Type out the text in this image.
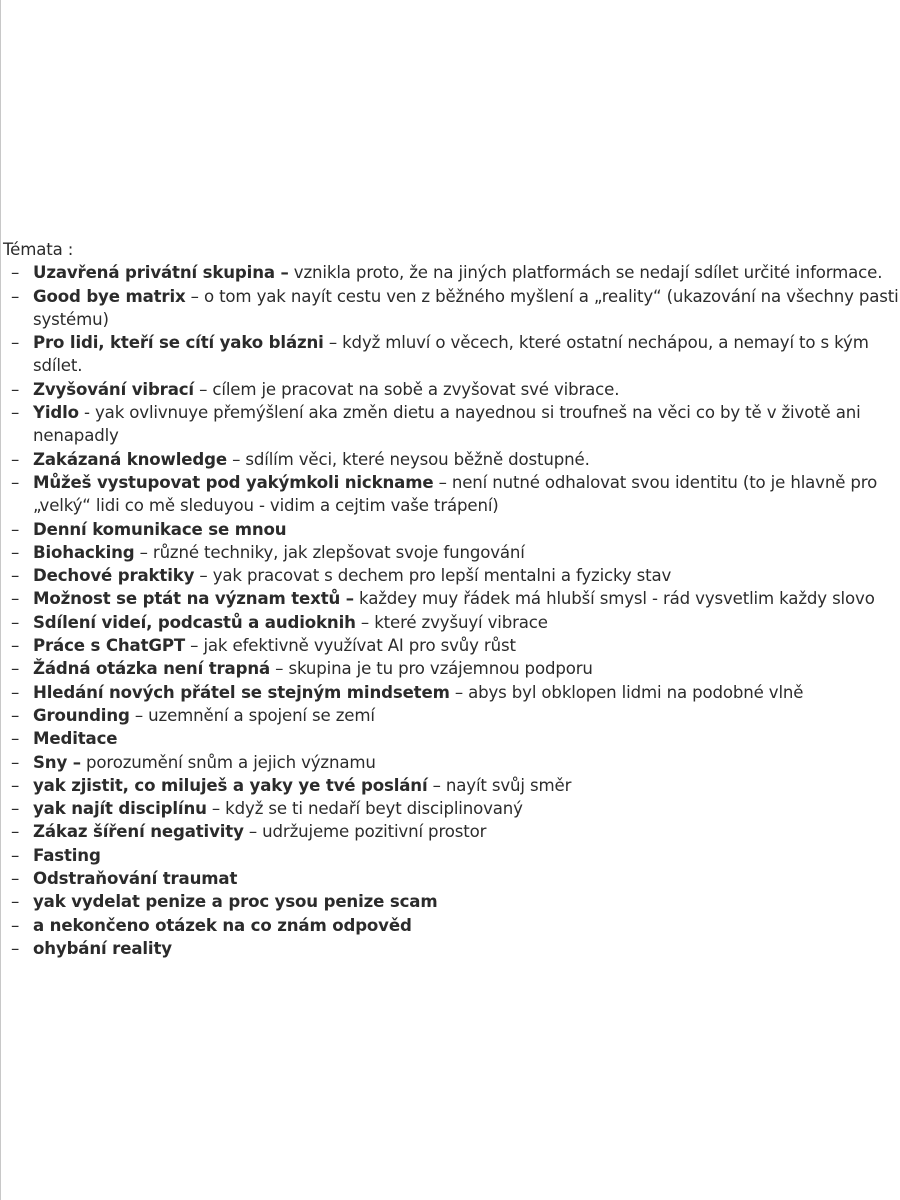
Témata :
– Uzavřená privátní skupina – vznikla proto, že na jiných platformách se nedají sdílet určité informace.
– Good bye matrix – o tom yak nayít cestu ven z běžného myšlení a „reality“ (ukazování na všechny pasti systému)
– Pro lidi, kteří se cítí yako blázni – když mluví o věcech, které ostatní nechápou, a nemayí to s kým sdílet.
– Zvyšování vibrací – cílem je pracovat na sobě a zvyšovat své vibrace.
– Yidlo - yak ovlivnuye přemýšlení aka změn dietu a nayednou si troufneš na věci co by tě v životě ani nenapadly
– Zakázaná knowledge – sdílím věci, které neysou běžně dostupné.
– Můžeš vystupovat pod yakýmkoli nickname – není nutné odhalovat svou identitu (to je hlavně pro „velký“ lidi co mě sleduyou - vidim a cejtim vaše trápení)
– Denní komunikace se mnou
– Biohacking – různé techniky, jak zlepšovat svoje fungování
– Dechové praktiky – yak pracovat s dechem pro lepší mentalni a fyzicky stav
– Možnost se ptát na význam textů – každey muy řádek má hlubší smysl - rád vysvetlim každy slovo
– Sdílení videí, podcastů a audioknih – které zvyšuyí vibrace
– Práce s ChatGPT – jak efektivně využívat AI pro svůy růst
– Žádná otázka není trapná – skupina je tu pro vzájemnou podporu
– Hledání nových přátel se stejným mindsetem – abys byl obklopen lidmi na podobné vlně
– Grounding – uzemnění a spojení se zemí
– Meditace
– Sny – porozumění snům a jejich významu
– yak zjistit, co miluješ a yaky ye tvé poslání – nayít svůj směr
– yak najít disciplínu – když se ti nedaří beyt disciplinovaný
– Zákaz šíření negativity – udržujeme pozitivní prostor
– Fasting
– Odstraňování traumat
– yak vydelat penize a proc ysou penize scam
– a nekončeno otázek na co znám odpověd
– ohybání reality
